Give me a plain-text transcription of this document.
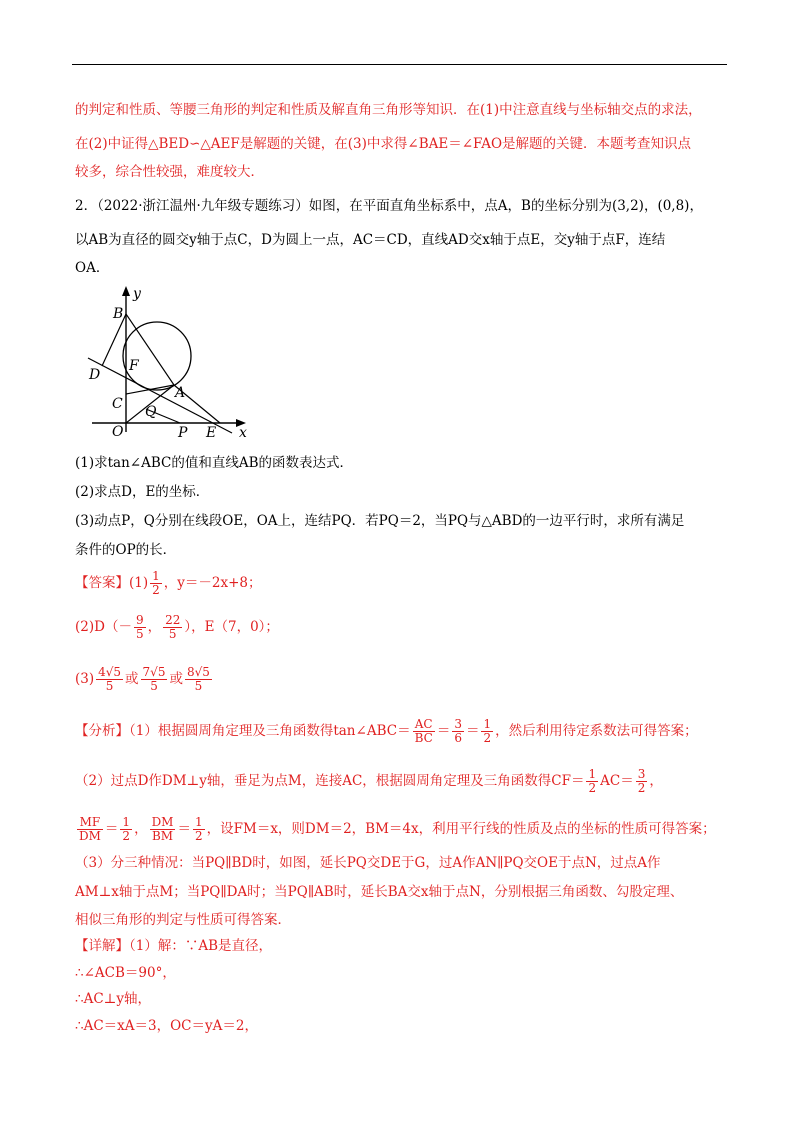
的判定和性质、等腰三角形的判定和性质及解直角三角形等知识．在(1)中注意直线与坐标轴交点的求法，
在(2)中证得△BED∽△AEF是解题的关键，在(3)中求得∠BAE＝∠FAO是解题的关键．本题考查知识点
较多，综合性较强，难度较大．
2．（2022·浙江温州·九年级专题练习）如图，在平面直角坐标系中，点A，B的坐标分别为(3,2)，(0,8)，
以AB为直径的圆交y轴于点C，D为圆上一点，AC＝CD，直线AD交x轴于点E，交y轴于点F，连结
OA．
y
B
F
D
C
A
Q
O	P E x
(1)求tan∠ABC的值和直线AB的函数表达式．
(2)求点D，E的坐标．
(3)动点P，Q分别在线段OE，OA上，连结PQ．若PQ＝2，当PQ与△ABD的一边平行时，求所有满足
条件的OP的长．
【答案】$(1) \frac{1}{2}$ ，y＝－2x+8；
$(2)D(- \frac{9}{5}$ ， $\frac{22}{5}$ ），E（7，0）；
$(3) \frac{4√5}{5}$ 或 $\frac{7√5}{5}$ 或 $\frac{8√5}{5}$
【分析】（1）根据圆周角定理及三角函数得tan∠ABC＝ $\frac{AC}{BC} = \frac{3}{6} = \frac{1}{2}$ ，然后利用待定系数法可得答案；
（2）过点D作DM⊥y轴，垂足为点M，连接AC，根据圆周角定理及三角函数得$CF= \frac{1}{2} AC= \frac{3}{2}$ ，
$\frac{MF}{DM} = \frac{1}{2}$ ， $\frac{DM}{BM} = \frac{1}{2}$ ，设FM＝x，则DM＝2，BM＝4x，利用平行线的性质及点的坐标的性质可得答案；
（3）分三种情况：当PQ∥BD时，如图，延长PQ交DE于G，过A作AN∥PQ交OE于点N，过点A作
AM⊥x轴于点M；当PQ∥DA时；当PQ∥AB时，延长BA交x轴于点N，分别根据三角函数、勾股定理、
相似三角形的判定与性质可得答案．
【详解】（1）解：∵AB是直径，
∴∠ACB＝90°，
∴AC⊥y轴，
∴AC＝xA＝3，OC＝yA＝2，
